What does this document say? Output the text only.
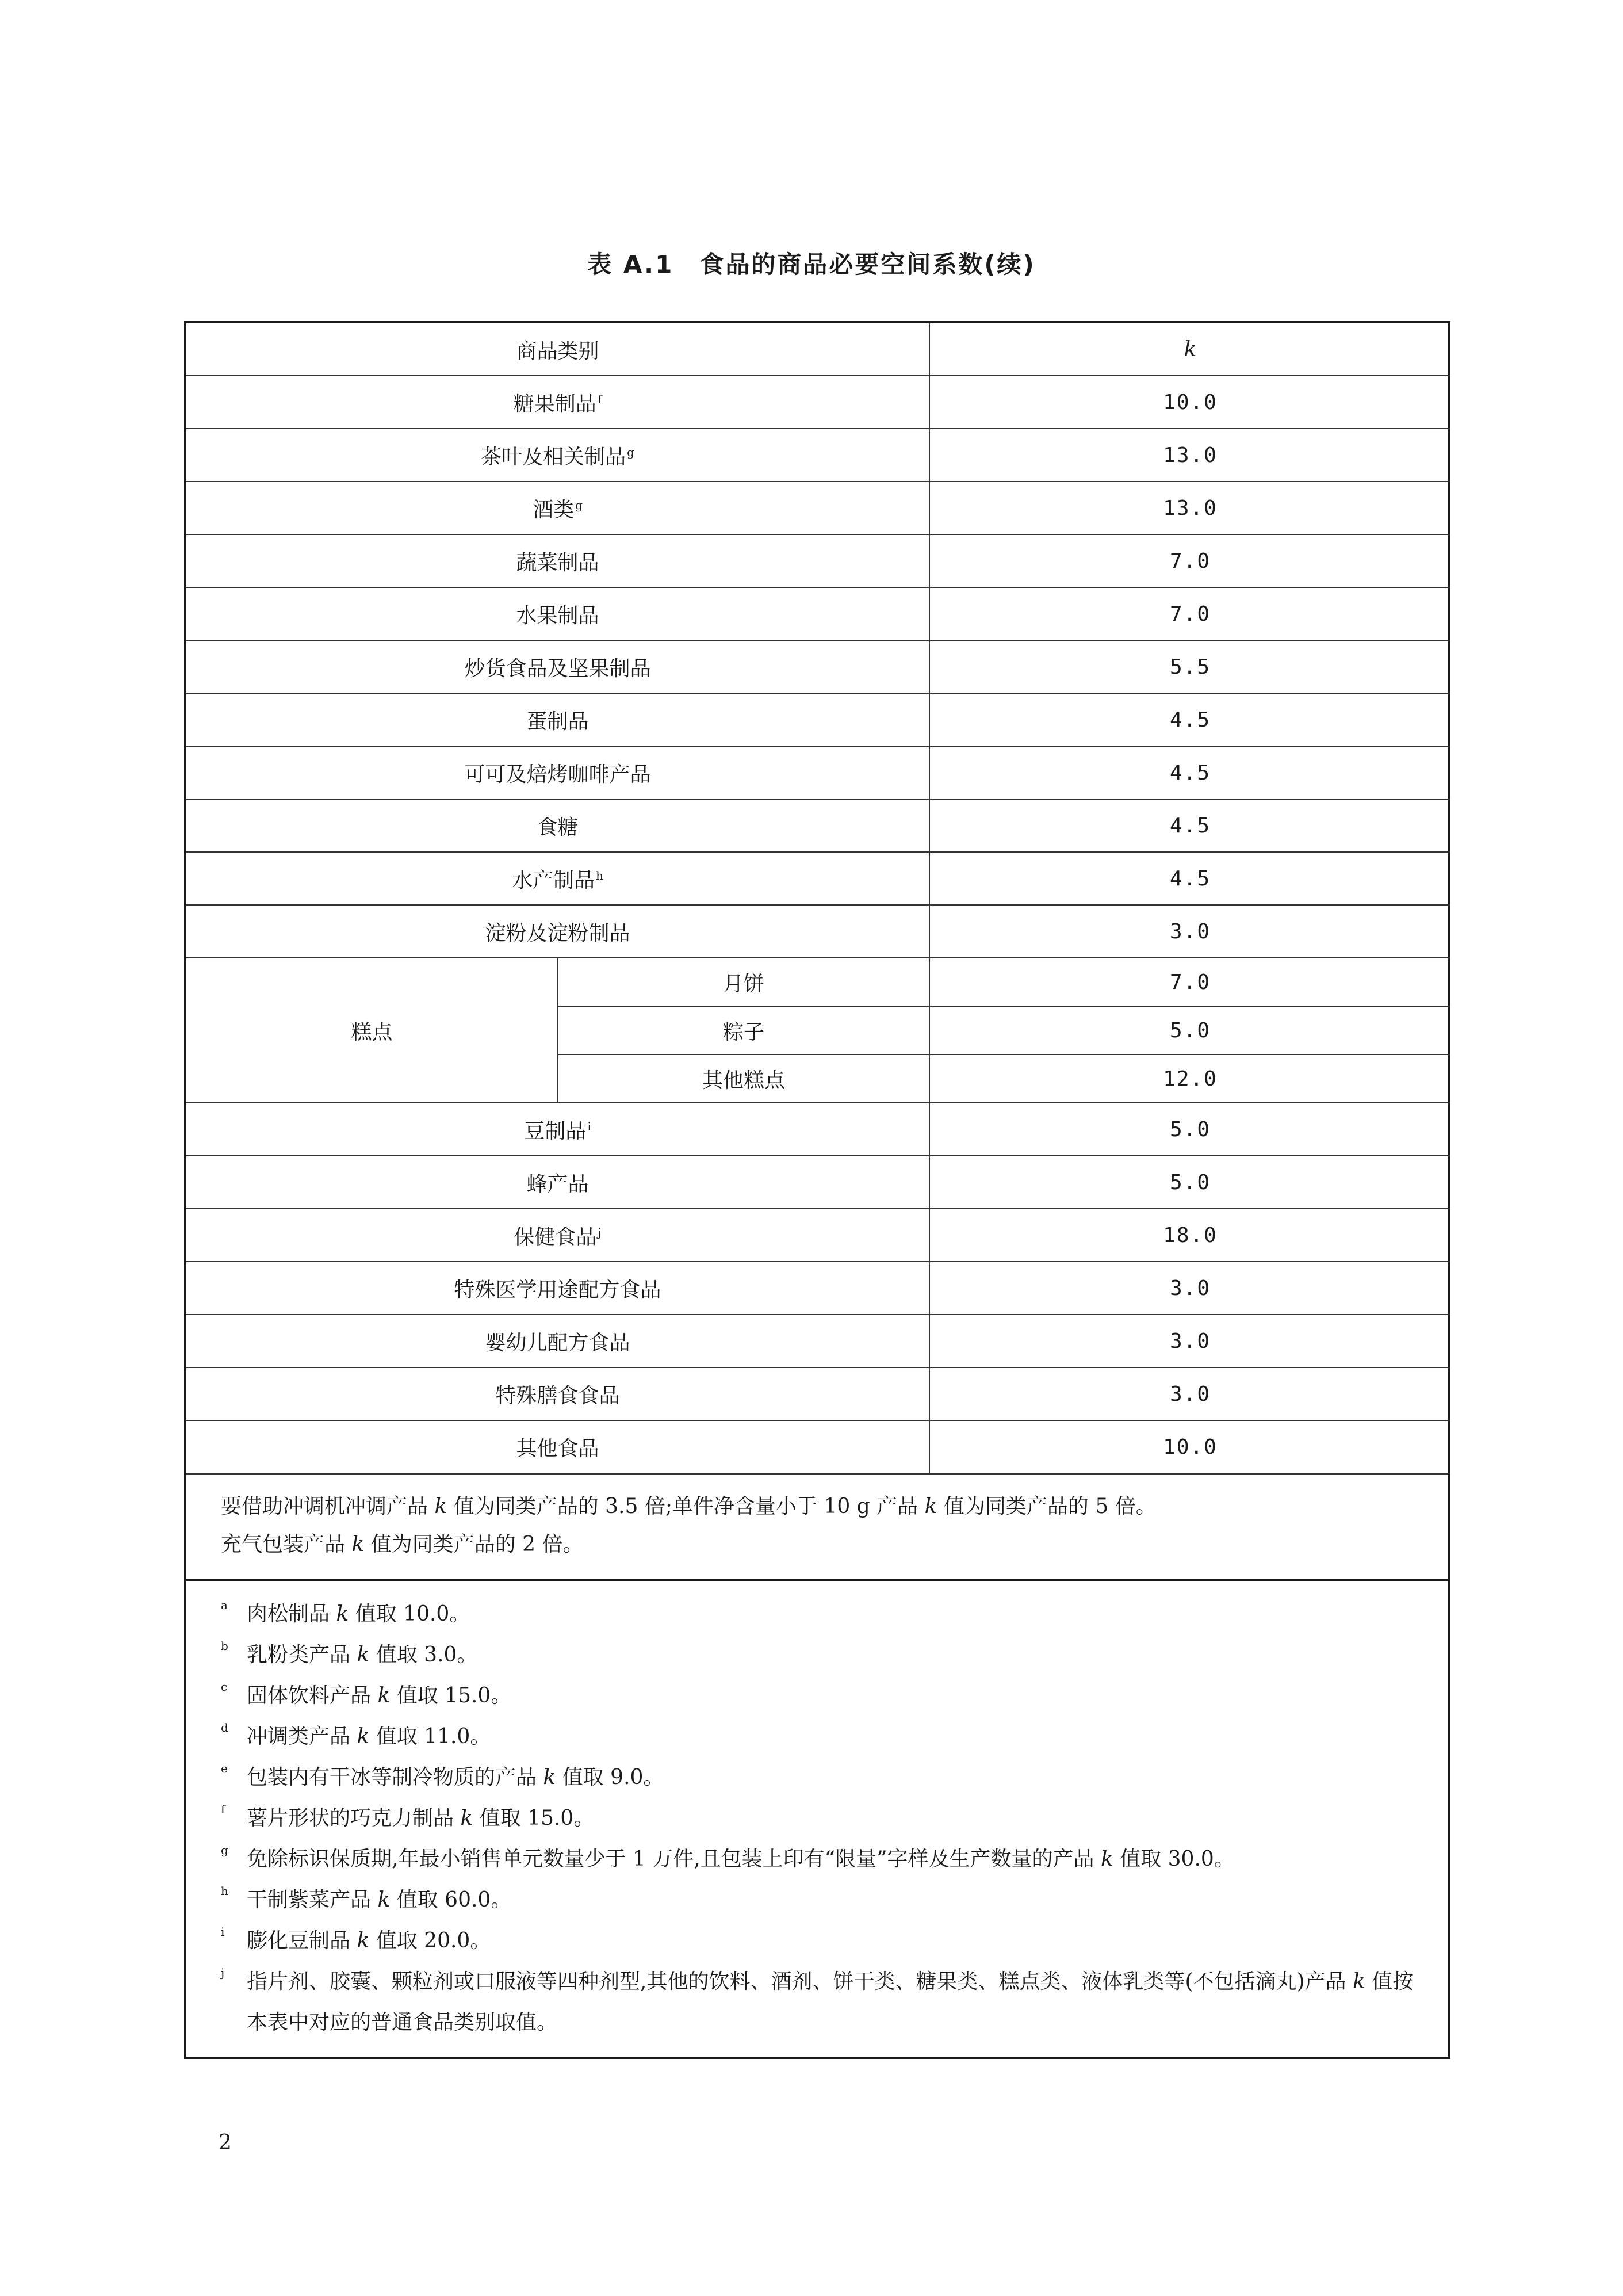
表 A.1　食品的商品必要空间系数(续)
商品类别		k
糖果制品 $^f$		10.0
茶叶及相关制品 $^g$		13.0
酒类 $^g$		13.0
蔬菜制品		7.0
水果制品		7.0
炒货食品及坚果制品		5.5
蛋制品		4.5
可可及焙烤咖啡产品		4.5
食糖		4.5
水产制品 $^h$		4.5
淀粉及淀粉制品		3.0
糕点	月饼	7.0
	粽子	5.0
	其他糕点	12.0
豆制品 $^i$		5.0
蜂产品		5.0
保健食品 $^j$		18.0
特殊医学用途配方食品		3.0
婴幼儿配方食品		3.0
特殊膳食食品		3.0
其他食品		10.0
要借助冲调机冲调产品 k 值为同类产品的 3.5 倍;单件净含量小于 10 g 产品 k 值为同类产品的 5 倍。
充气包装产品 k 值为同类产品的 2 倍。
a 肉松制品 k 值取 10.0。
b 乳粉类产品 k 值取 3.0。
c 固体饮料产品 k 值取 15.0。
d 冲调类产品 k 值取 11.0。
e 包装内有干冰等制冷物质的产品 k 值取 9.0。
f	薯片形状的巧克力制品 k 值取 15.0。
g 免除标识保质期,年最小销售单元数量少于 1 万件,且包装上印有“限量”字样及生产数量的产品 k 值取 30.0。
h 干制紫菜产品 k 值取 60.0。
i	膨化豆制品 k 值取 20.0。
j	指片剂、胶囊、颗粒剂或口服液等四种剂型,其他的饮料、酒剂、饼干类、糖果类、糕点类、液体乳类等(不包括滴丸)产品 k 值按本表中对应的普通食品类别取值。
2
